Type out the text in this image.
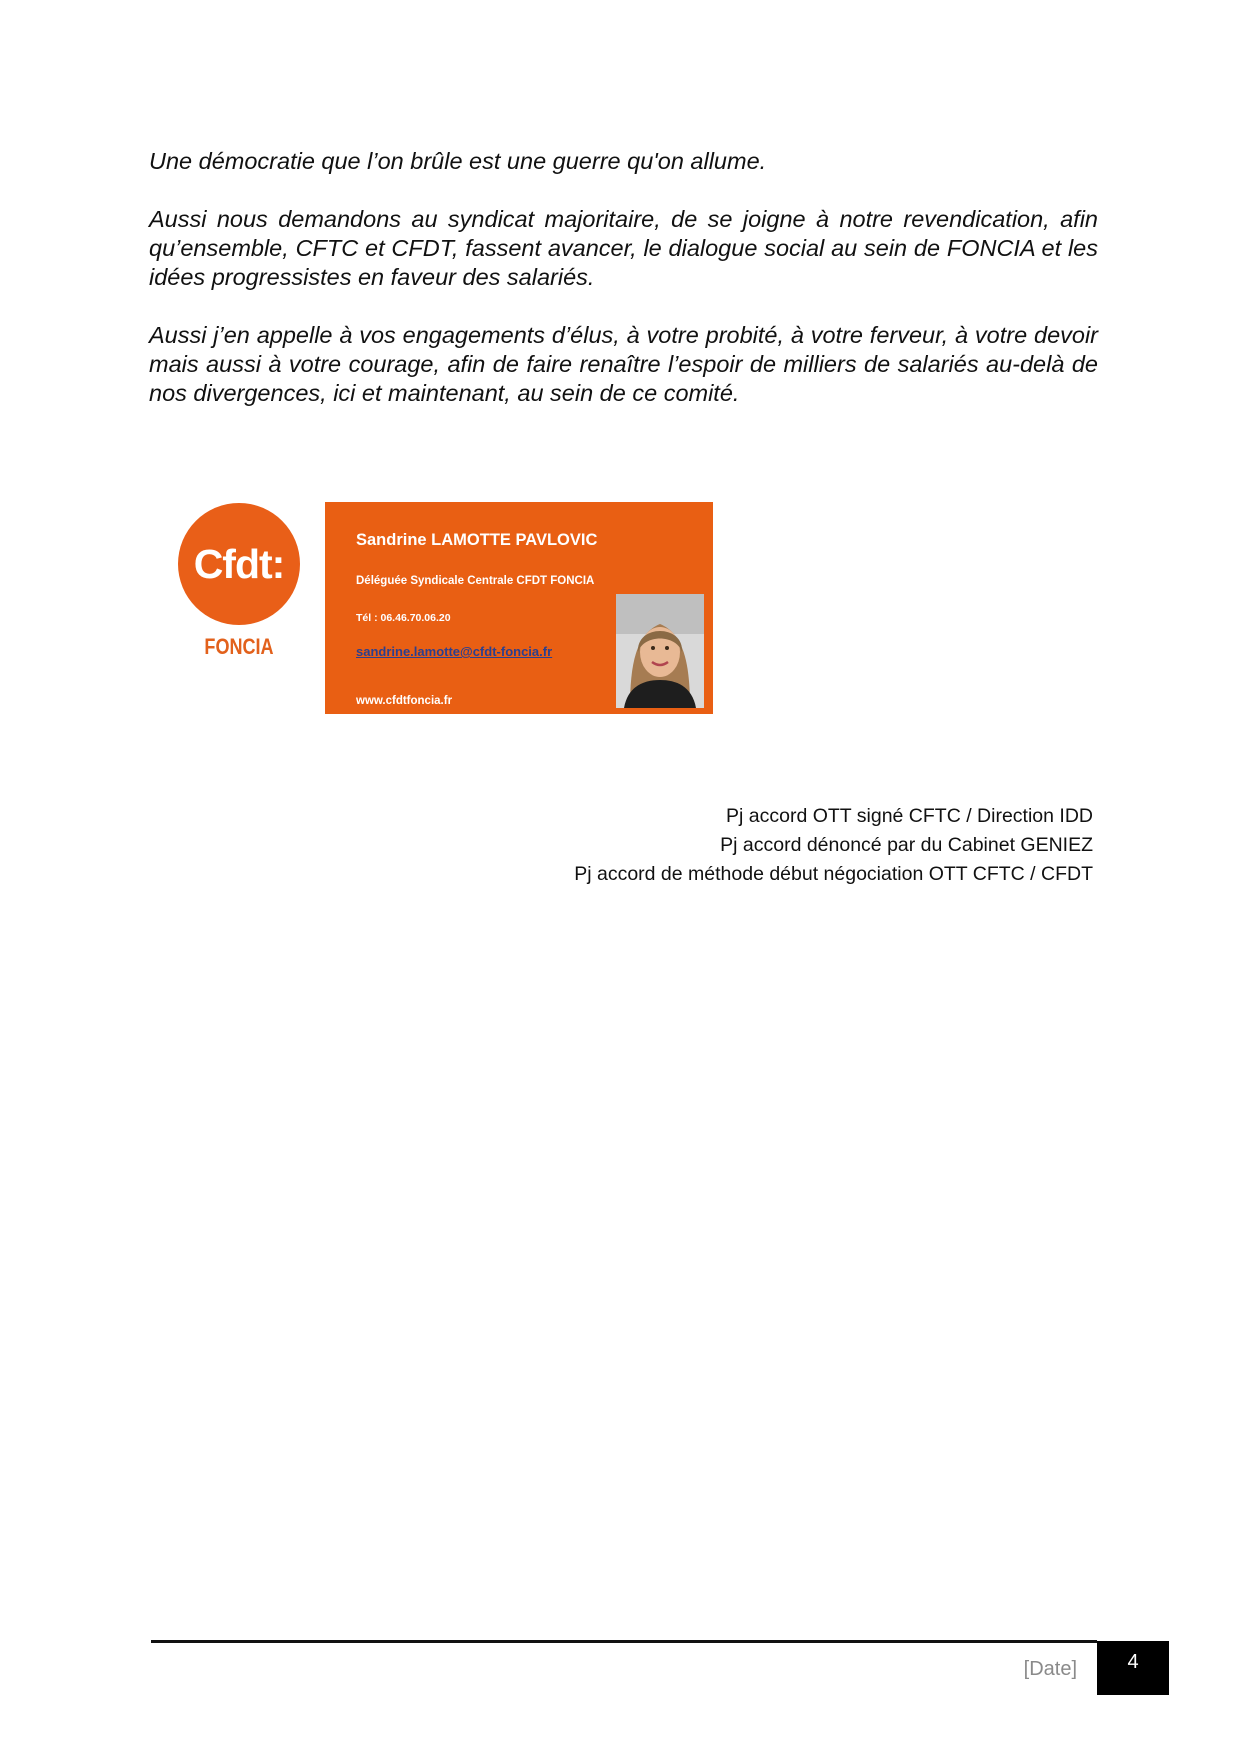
Une démocratie que l’on brûle est une guerre qu'on allume.

Aussi nous demandons au syndicat majoritaire, de se joigne à notre revendication, afin qu’ensemble, CFTC et CFDT, fassent avancer, le dialogue social au sein de FONCIA et les idées progressistes en faveur des salariés.

Aussi j’en appelle à vos engagements d’élus, à votre probité, à votre ferveur, à votre devoir mais aussi à votre courage, afin de faire renaître l’espoir de milliers de salariés au-delà de nos divergences, ici et maintenant, au sein de ce comité.

Cfdt:
FONCIA
Sandrine LAMOTTE PAVLOVIC
Déléguée Syndicale Centrale CFDT FONCIA
Tél : 06.46.70.06.20
sandrine.lamotte@cfdt-foncia.fr
www.cfdtfoncia.fr
Pj accord OTT signé CFTC / Direction IDD
Pj accord dénoncé par du Cabinet GENIEZ
Pj accord de méthode début négociation OTT CFTC / CFDT
[Date]	4
